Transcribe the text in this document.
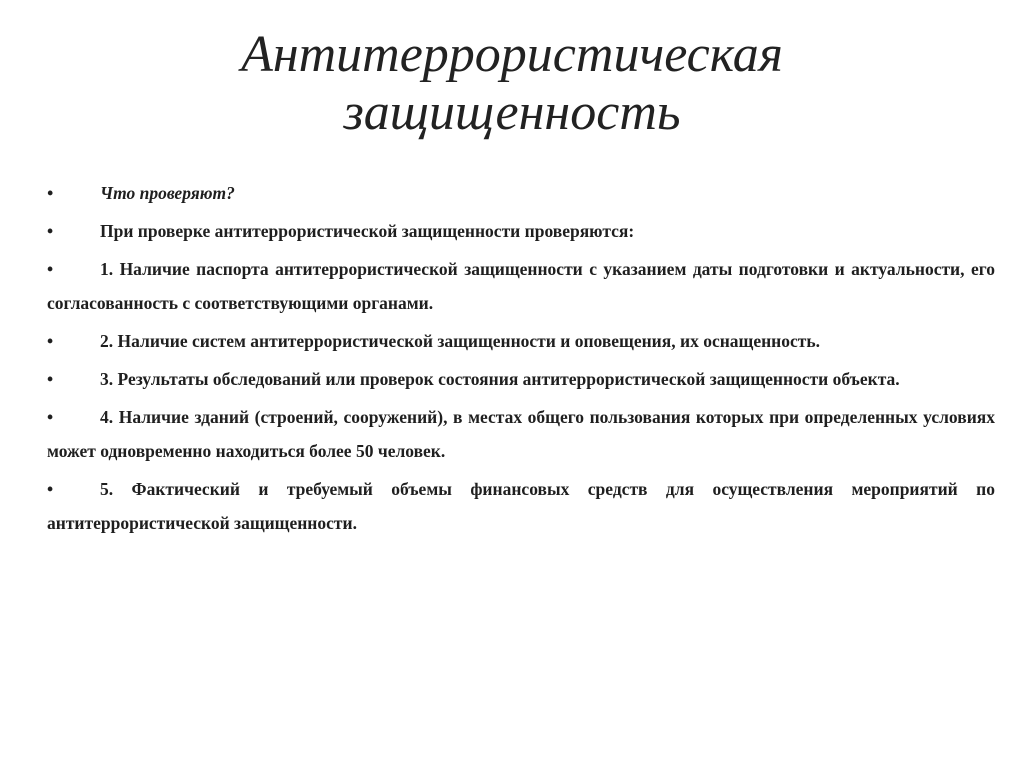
Антитеррористическая
защищенность

•	Что проверяют?

•	При проверке антитеррористической защищенности проверяются:

•	1. Наличие паспорта антитеррористической защищенности с указанием даты подготовки и актуальности, его согласованность с соответствующими органами.

•	2. Наличие систем антитеррористической защищенности и оповещения, их оснащенность.

•	3. Результаты обследований или проверок состояния антитеррористической защищенности объекта.

•	4. Наличие зданий (строений, сооружений), в местах общего пользования которых при определенных условиях может одновременно находиться более 50 человек.

•	5. Фактический и требуемый объемы финансовых средств для осуществления мероприятий по антитеррористической защищенности.
